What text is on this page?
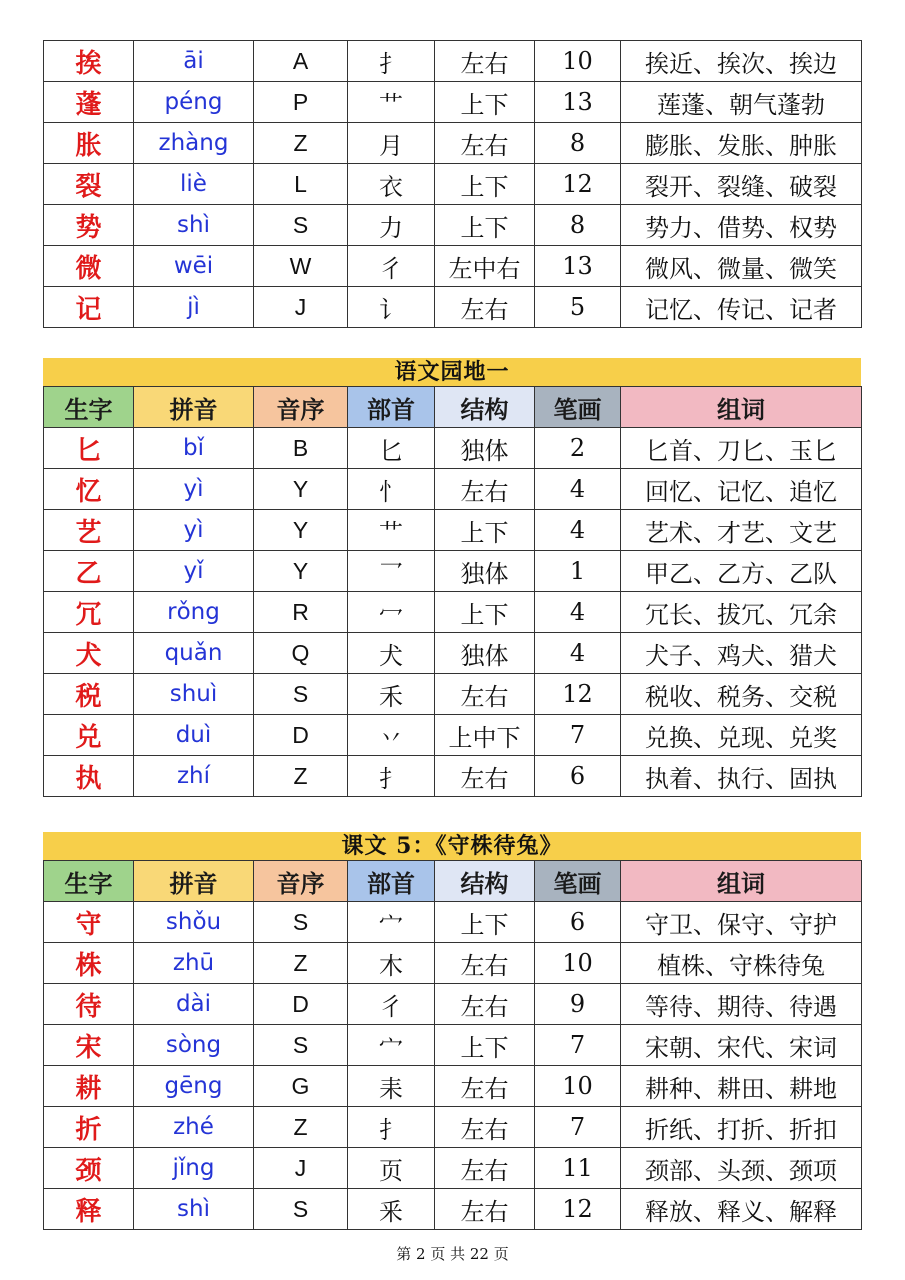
挨	āi	A	扌	左右	10	挨近、挨次、挨边
蓬	péng	P	艹	上下	13	莲蓬、朝气蓬勃
胀	zhàng	Z	月	左右	8	膨胀、发胀、肿胀
裂	liè	L	衣	上下	12	裂开、裂缝、破裂
势	shì	S	力	上下	8	势力、借势、权势
微	wēi	W	彳	左中右	13	微风、微量、微笑
记	jì	J	讠	左右	5	记忆、传记、记者
语文园地一
生字	拼音	音序	部首	结构	笔画	组词
匕	bǐ	B	匕	独体	2	匕首、刀匕、玉匕
忆	yì	Y	忄	左右	4	回忆、记忆、追忆
艺	yì	Y	艹	上下	4	艺术、才艺、文艺
乙	yǐ	Y	乛	独体	1	甲乙、乙方、乙队
冗	rǒng	R	冖	上下	4	冗长、拔冗、冗余
犬	quǎn	Q	犬	独体	4	犬子、鸡犬、猎犬
税	shuì	S	禾	左右	12	税收、税务、交税
兑	duì	D	丷	上中下	7	兑换、兑现、兑奖
执	zhí	Z	扌	左右	6	执着、执行、固执
课文 5：《守株待兔》
生字	拼音	音序	部首	结构	笔画	组词
守	shǒu	S	宀	上下	6	守卫、保守、守护
株	zhū	Z	木	左右	10	植株、守株待兔
待	dài	D	彳	左右	9	等待、期待、待遇
宋	sòng	S	宀	上下	7	宋朝、宋代、宋词
耕	gēng	G	耒	左右	10	耕种、耕田、耕地
折	zhé	Z	扌	左右	7	折纸、打折、折扣
颈	jǐng	J	页	左右	11	颈部、头颈、颈项
释	shì	S	釆	左右	12	释放、释义、解释
第 2 页 共 22 页
